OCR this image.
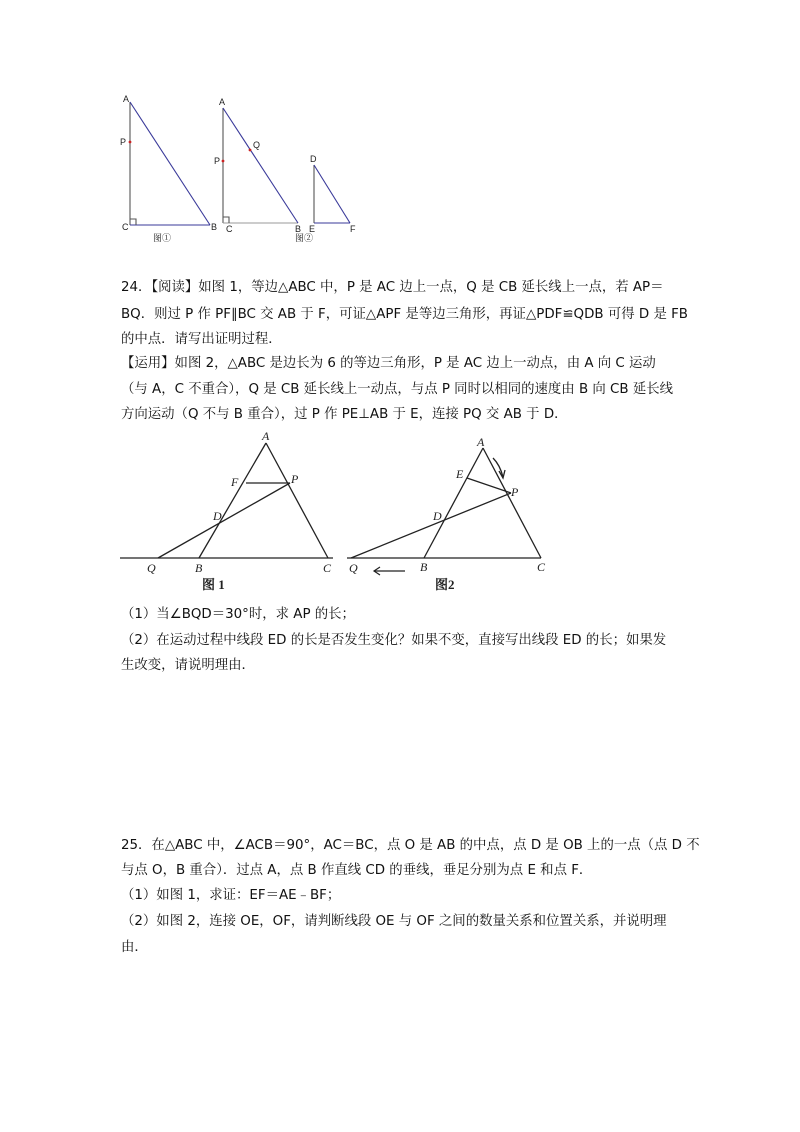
A
P
C	B
图①
A
Q
P
C	B
D
E	F
图②
24．【阅读】如图 1，等边△ABC 中，P 是 AC 边上一点，Q 是 CB 延长线上一点，若 AP＝
BQ．则过 P 作 PF∥BC 交 AB 于 F，可证△APF 是等边三角形，再证△PDF≌QDB 可得 D 是 FB
的中点．请写出证明过程．
【运用】如图 2，△ABC 是边长为 6 的等边三角形，P 是 AC 边上一动点，由 A 向 C 运动
（与 A，C 不重合），Q 是 CB 延长线上一动点，与点 P 同时以相同的速度由 B 向 CB 延长线
方向运动（Q 不与 B 重合），过 P 作 PE⊥AB 于 E，连接 PQ 交 AB 于 D．
A
F	P
D
Q	B	C
图 1
A
E
P
D
Q	B	C
图2
（1）当∠BQD＝30°时，求 AP 的长；
（2）在运动过程中线段 ED 的长是否发生变化？如果不变，直接写出线段 ED 的长；如果发
生改变，请说明理由．
25．在△ABC 中，∠ACB＝90°，AC＝BC，点 O 是 AB 的中点，点 D 是 OB 上的一点（点 D 不
与点 O，B 重合）．过点 A，点 B 作直线 CD 的垂线，垂足分别为点 E 和点 F．
（1）如图 1，求证：EF＝AE﹣BF；
（2）如图 2，连接 OE，OF，请判断线段 OE 与 OF 之间的数量关系和位置关系，并说明理
由．
